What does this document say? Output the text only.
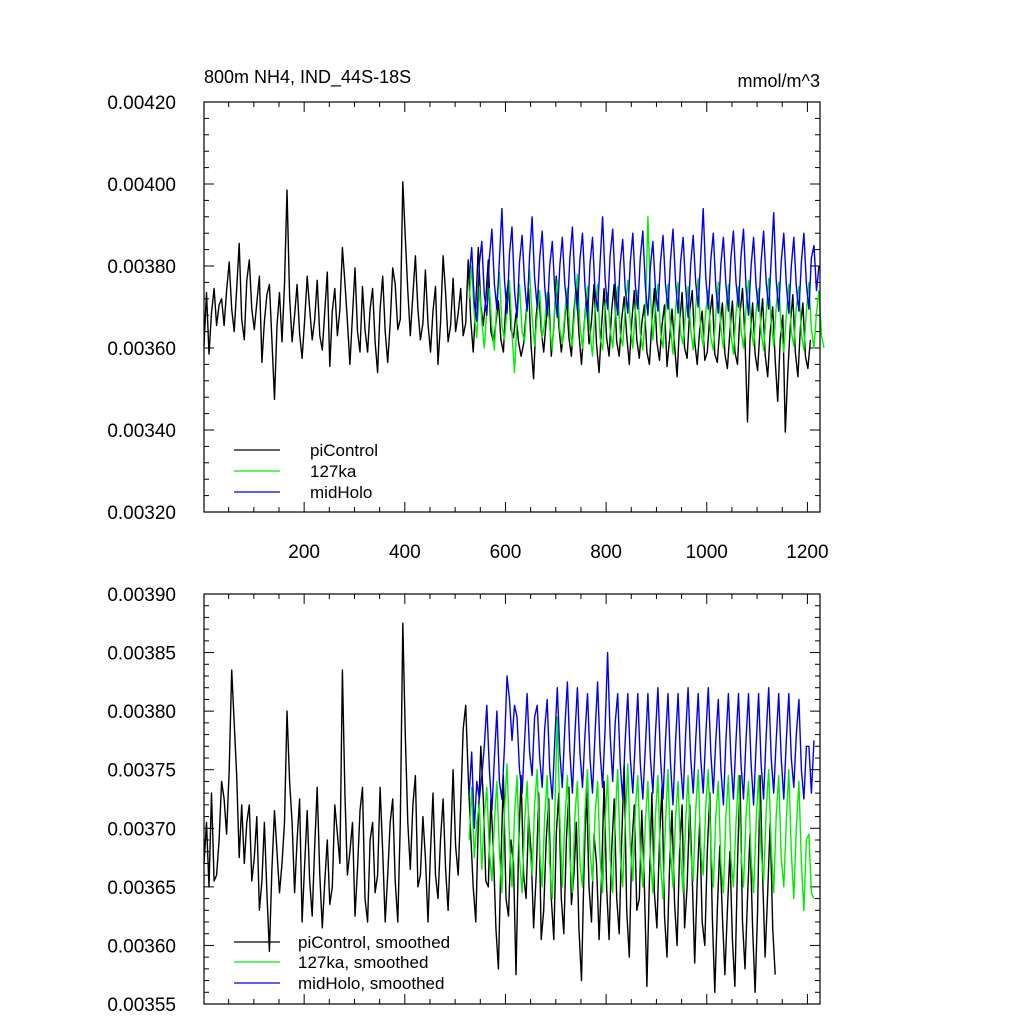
800m NH4, IND_44S-18S	mmol/m^3
0.00320
0.00340
0.00360
0.00380
0.00400
0.00420
200	400	600	800	1000	1200
piControl
127ka
midHolo
0.00355
0.00360
0.00365
0.00370
0.00375
0.00380
0.00385
0.00390
piControl, smoothed
127ka, smoothed
midHolo, smoothed
